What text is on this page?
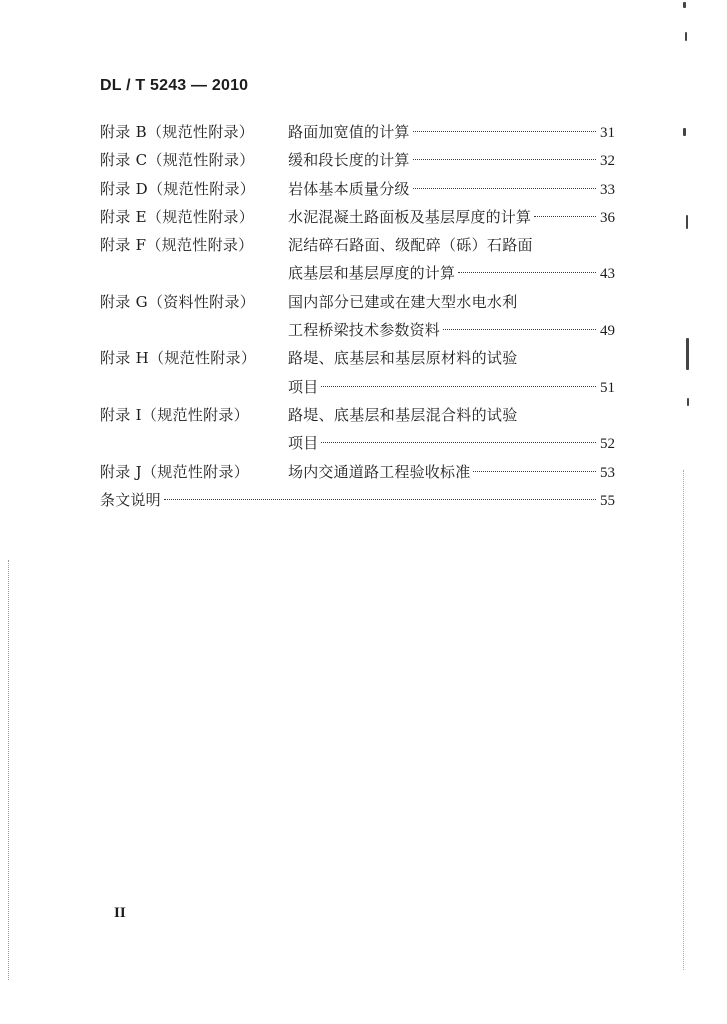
DL / T 5243 — 2010
附录 B（规范性附录）	路面加宽值的计算	31
附录 C（规范性附录）	缓和段长度的计算	32
附录 D（规范性附录）	岩体基本质量分级	33
附录 E（规范性附录）	水泥混凝土路面板及基层厚度的计算	36
附录 F（规范性附录）	泥结碎石路面、级配碎（砾）石路面
底基层和基层厚度的计算	43
附录 G（资料性附录）	国内部分已建或在建大型水电水利
工程桥梁技术参数资料	49
附录 H（规范性附录）	路堤、底基层和基层原材料的试验
项目	51
附录 I（规范性附录）	路堤、底基层和基层混合料的试验
项目	52
附录 J（规范性附录）	场内交通道路工程验收标准	53
条文说明	55
II
